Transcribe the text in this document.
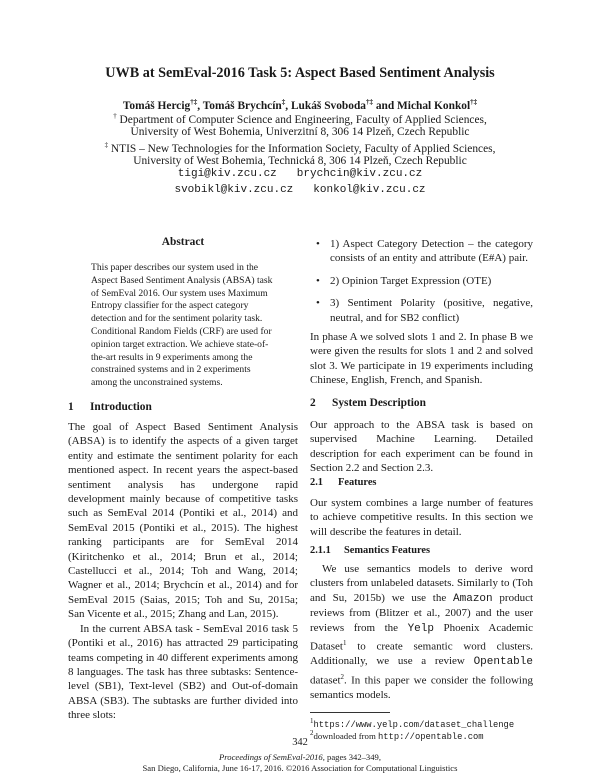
UWB at SemEval-2016 Task 5: Aspect Based Sentiment Analysis
Tomáš Hercig†‡, Tomáš Brychcín‡, Lukáš Svoboda†‡ and Michal Konkol†‡
† Department of Computer Science and Engineering, Faculty of Applied Sciences,
University of West Bohemia, Univerzitní 8, 306 14 Plzeň, Czech Republic
‡ NTIS – New Technologies for the Information Society, Faculty of Applied Sciences,
University of West Bohemia, Technická 8, 306 14 Plzeň, Czech Republic
tigi@kiv.zcu.cz brychcin@kiv.zcu.cz
svobikl@kiv.zcu.cz konkol@kiv.zcu.cz
Abstract
This paper describes our system used in the Aspect Based Sentiment Analysis (ABSA) task of SemEval 2016. Our system uses Maximum Entropy classifier for the aspect category detection and for the sentiment polarity task. Conditional Random Fields (CRF) are used for opinion target extraction. We achieve state-of-the-art results in 9 experiments among the constrained systems and in 2 experiments among the unconstrained systems.
1 Introduction

The goal of Aspect Based Sentiment Analysis (ABSA) is to identify the aspects of a given target entity and estimate the sentiment polarity for each mentioned aspect. In recent years the aspect-based sentiment analysis has undergone rapid development mainly because of competitive tasks such as SemEval 2014 (Pontiki et al., 2014) and SemEval 2015 (Pontiki et al., 2015). The highest ranking participants are for SemEval 2014 (Kiritchenko et al., 2014; Brun et al., 2014; Castellucci et al., 2014; Toh and Wang, 2014; Wagner et al., 2014; Brychcín et al., 2014) and for SemEval 2015 (Saias, 2015; Toh and Su, 2015a; San Vicente et al., 2015; Zhang and Lan, 2015).

In the current ABSA task - SemEval 2016 task 5 (Pontiki et al., 2016) has attracted 29 participating teams competing in 40 different experiments among 8 languages. The task has three subtasks: Sentence-level (SB1), Text-level (SB2) and Out-of-domain ABSA (SB3). The subtasks are further divided into three slots:

• 1) Aspect Category Detection – the category consists of an entity and attribute (E#A) pair.
• 2) Opinion Target Expression (OTE)
• 3) Sentiment Polarity (positive, negative, neutral, and for SB2 conflict)
In phase A we solved slots 1 and 2. In phase B we were given the results for slots 1 and 2 and solved slot 3. We participate in 19 experiments including Chinese, English, French, and Spanish.
2 System Description
Our approach to the ABSA task is based on supervised Machine Learning. Detailed description for each experiment can be found in Section 2.2 and Section 2.3.
2.1 Features
Our system combines a large number of features to achieve competitive results. In this section we will describe the features in detail.
2.1.1 Semantics Features

We use semantics models to derive word clusters from unlabeled datasets. Similarly to (Toh and Su, 2015b) we use the Amazon product reviews from (Blitzer et al., 2007) and the user reviews from the Yelp Phoenix Academic Dataset$^1$ to create semantic word clusters. Additionally, we use a review Opentable dataset$^2$. In this paper we consider the following semantics models.

$^1$https://www.yelp.com/dataset_challenge
$^2$downloaded from http://opentable.com
342
Proceedings of SemEval-2016, pages 342–349,
San Diego, California, June 16-17, 2016. ©2016 Association for Computational Linguistics
